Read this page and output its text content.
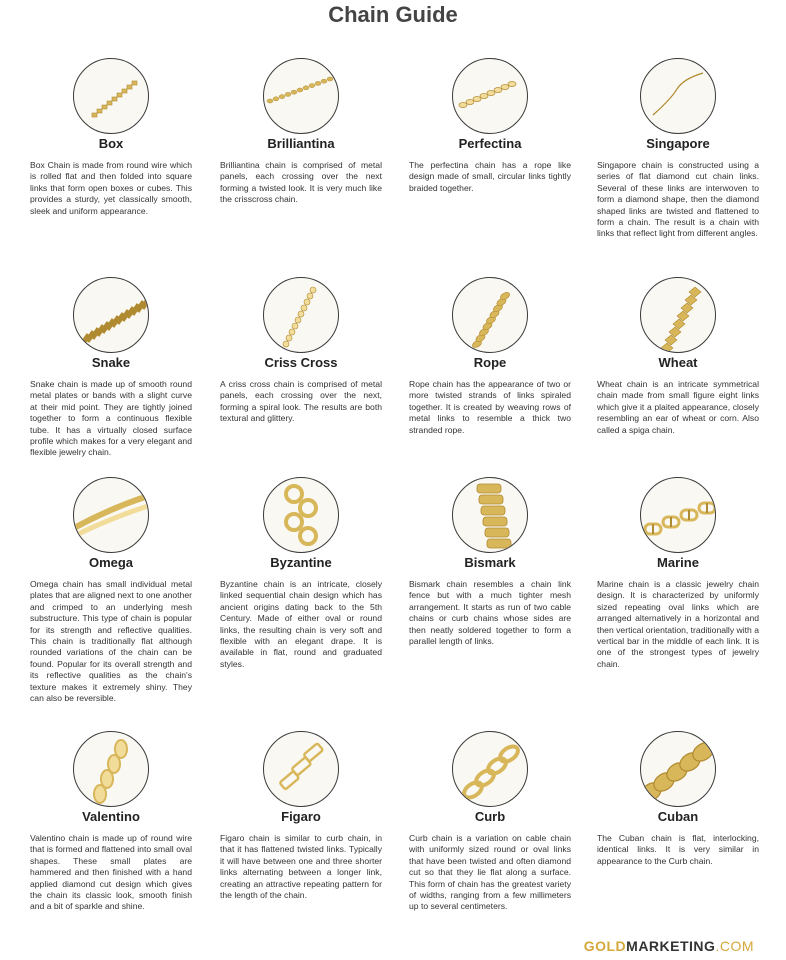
Chain Guide
Box

Box Chain is made from round wire which is rolled flat and then folded into square links that form open boxes or cubes. This provides a sturdy, yet classically smooth, sleek and uniform appearance.

Brilliantina

Brilliantina chain is comprised of metal panels, each crossing over the next forming a twisted look. It is very much like the crisscross chain.

Perfectina

The perfectina chain has a rope like design made of small, circular links tightly braided together.

Singapore

Singapore chain is constructed using a series of flat diamond cut chain links. Several of these links are interwoven to form a diamond shape, then the diamond shaped links are twisted and flattened to form a chain. The result is a chain with links that reflect light from different angles.

Snake

Snake chain is made up of smooth round metal plates or bands with a slight curve at their mid point. They are tightly joined together to form a continuous flexible tube. It has a virtually closed surface profile which makes for a very elegant and flexible jewelry chain.

Criss Cross

A criss cross chain is comprised of metal panels, each crossing over the next, forming a spiral look. The results are both textural and glittery.

Rope

Rope chain has the appearance of two or more twisted strands of links spiraled together. It is created by weaving rows of metal links to resemble a thick two stranded rope.

Wheat

Wheat chain is an intricate symmetrical chain made from small figure eight links which give it a plaited appearance, closely resembling an ear of wheat or corn. Also called a spiga chain.

Omega

Omega chain has small individual metal plates that are aligned next to one another and crimped to an underlying mesh substructure. This type of chain is popular for its strength and reflective qualities. This chain is traditionally flat although rounded variations of the chain can be found. Popular for its overall strength and its reflective qualities as the chain's texture makes it extremely shiny. They can also be reversible.

Byzantine

Byzantine chain is an intricate, closely linked sequential chain design which has ancient origins dating back to the 5th Century. Made of either oval or round links, the resulting chain is very soft and flexible with an elegant drape. It is available in flat, round and graduated styles.

Bismark

Bismark chain resembles a chain link fence but with a much tighter mesh arrangement. It starts as run of two cable chains or curb chains whose sides are then neatly soldered together to form a parallel length of links.

Marine

Marine chain is a classic jewelry chain design. It is characterized by uniformly sized repeating oval links which are arranged alternatively in a horizontal and then vertical orientation, traditionally with a vertical bar in the middle of each link. It is one of the strongest types of jewelry chain.

Valentino

Valentino chain is made up of round wire that is formed and flattened into small oval shapes. These small plates are hammered and then finished with a hand applied diamond cut design which gives the chain its classic look, smooth finish and a bit of sparkle and shine.

Figaro

Figaro chain is similar to curb chain, in that it has flattened twisted links. Typically it will have between one and three shorter links alternating between a longer link, creating an attractive repeating pattern for the length of the chain.

Curb

Curb chain is a variation on cable chain with uniformly sized round or oval links that have been twisted and often diamond cut so that they lie flat along a surface. This form of chain has the greatest variety of widths, ranging from a few millimeters up to several centimeters.

Cuban

The Cuban chain is flat, interlocking, identical links. It is very similar in appearance to the Curb chain.

GOLDMARKETING.COM
